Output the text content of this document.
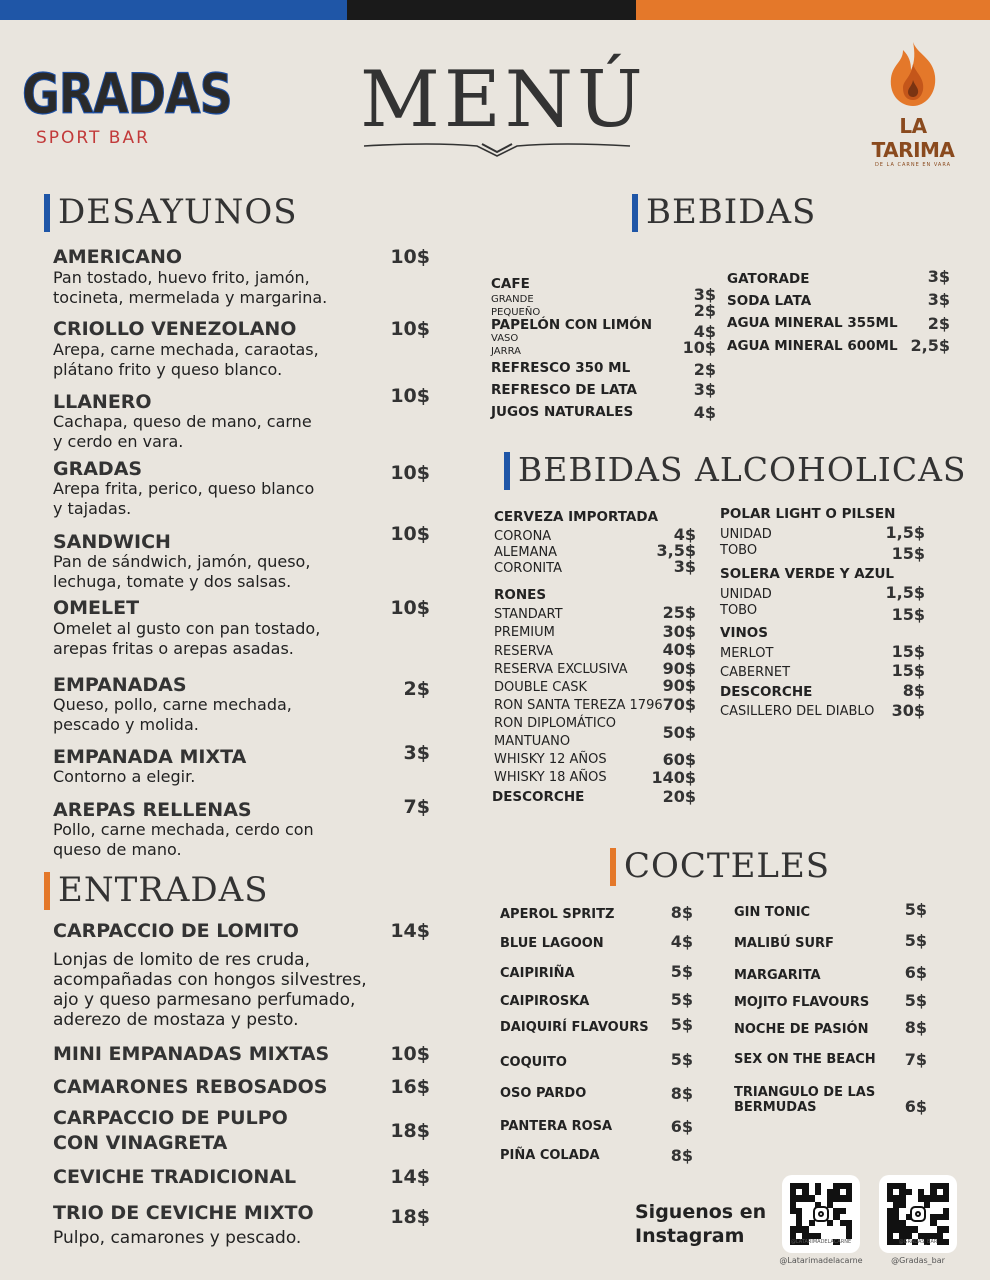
GRADAS
SPORT BAR	MENÚ	LA TARIMA
DE LA CARNE EN VARA
DESAYUNOS
AMERICANO	10$
Pan tostado, huevo frito, jamón,
tocineta, mermelada y margarina.
CRIOLLO VENEZOLANO	10$
Arepa, carne mechada, caraotas,
plátano frito y queso blanco.
LLANERO	10$
Cachapa, queso de mano, carne
y cerdo en vara.
GRADAS	10$
Arepa frita, perico, queso blanco
y tajadas.
SANDWICH	10$
Pan de sándwich, jamón, queso,
lechuga, tomate y dos salsas.
OMELET	10$
Omelet al gusto con pan tostado,
arepas fritas o arepas asadas.
EMPANADAS	2$
Queso, pollo, carne mechada,
pescado y molida.
EMPANADA MIXTA	3$
Contorno a elegir.
AREPAS RELLENAS	7$
Pollo, carne mechada, cerdo con
queso de mano.
ENTRADAS
CARPACCIO DE LOMITO	14$
Lonjas de lomito de res cruda,
acompañadas con hongos silvestres,
ajo y queso parmesano perfumado,
aderezo de mostaza y pesto.
MINI EMPANADAS MIXTAS	10$
CAMARONES REBOSADOS	16$
CARPACCIO DE PULPO
CON VINAGRETA
18$
CEVICHE TRADICIONAL	14$
TRIO DE CEVICHE MIXTO	18$
Pulpo, camarones y pescado.
BEBIDAS
CAFE
GRANDE	3$
PEQUEÑO	2$
PAPELÓN CON LIMÓN
VASO	4$
JARRA	10$
REFRESCO 350 ML	2$
REFRESCO DE LATA	3$
JUGOS NATURALES	4$
GATORADE	3$
SODA LATA	3$
AGUA MINERAL 355ML	2$
AGUA MINERAL 600ML 2,5$
BEBIDAS ALCOHOLICAS
CERVEZA IMPORTADA
CORONA	4$
ALEMANA	3,5$
CORONITA	3$
RONES
STANDART	25$
PREMIUM	30$
RESERVA	40$
RESERVA EXCLUSIVA	90$
DOUBLE CASK	90$
RON SANTA TEREZA 1796 70$
RON DIPLOMÁTICO
MANTUANO	50$
WHISKY 12 AÑOS	60$
WHISKY 18 AÑOS	140$
DESCORCHE	20$
POLAR LIGHT O PILSEN
UNIDAD	1,5$
TOBO	15$
SOLERA VERDE Y AZUL
UNIDAD	1,5$
TOBO	15$
VINOS
MERLOT	15$
CABERNET	15$
DESCORCHE	8$
CASILLERO DEL DIABLO	30$
COCTELES
APEROL SPRITZ	8$
BLUE LAGOON	4$
CAIPIRIÑA	5$
CAIPIROSKA	5$
DAIQUIRÍ FLAVOURS	5$
COQUITO	5$
OSO PARDO	8$
PANTERA ROSA	6$
PIÑA COLADA	8$
GIN TONIC	5$
MALIBÚ SURF	5$
MARGARITA	6$
MOJITO FLAVOURS	5$
NOCHE DE PASIÓN	8$
SEX ON THE BEACH	7$
TRIANGULO DE LAS
BERMUDAS	6$
Siguenos en
Instagram	@LATARIMADELACARNE
@Latarimadelacarne
@GRADAS_BAR
@Gradas_bar
